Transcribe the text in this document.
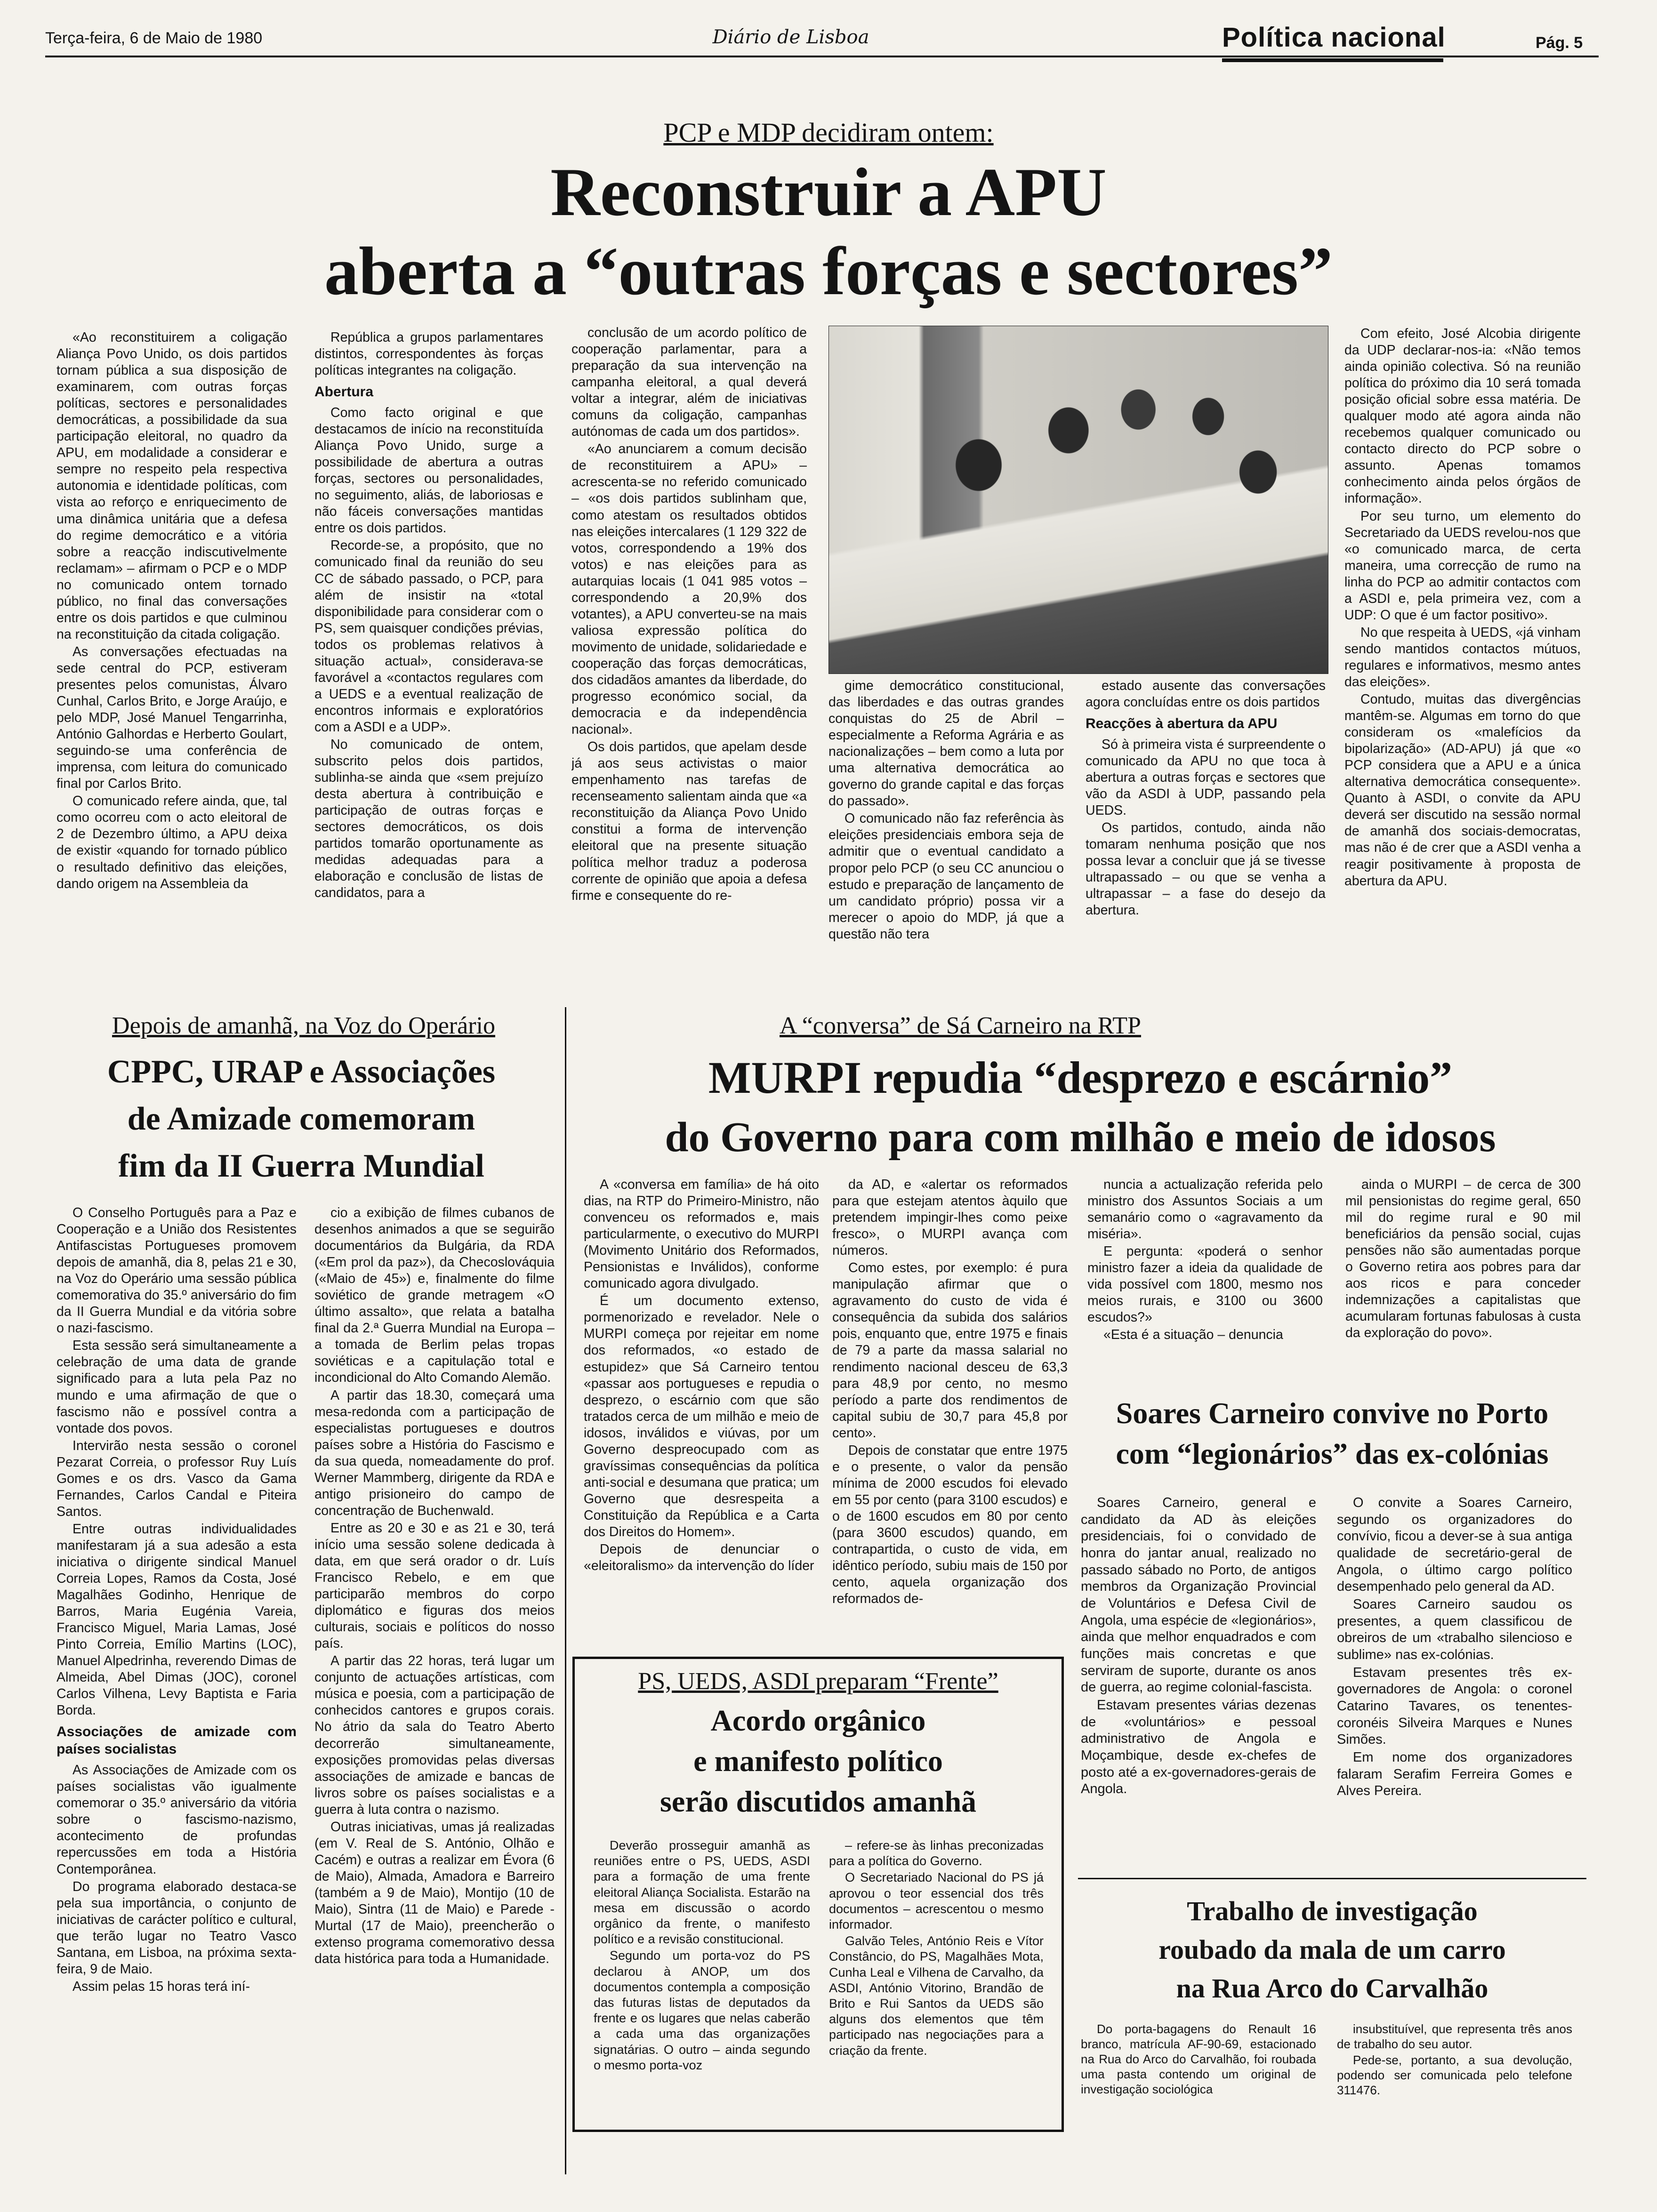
Terça-feira, 6 de Maio de 1980	Diário de Lisboa	Política nacional	Pág. 5
PCP e MDP decidiram ontem:
Reconstruir a APU
aberta a “outras forças e sectores”

«Ao reconstituirem a coligação Aliança Povo Unido, os dois partidos tornam pública a sua disposição de examinarem, com outras forças políticas, sectores e personalidades democráticas, a possibilidade da sua participação eleitoral, no quadro da APU, em modalidade a considerar e sempre no respeito pela respectiva autonomia e identidade políticas, com vista ao reforço e enriquecimento de uma dinâmica unitária que a defesa do regime democrático e a vitória sobre a reacção indiscutivelmente reclamam» – afirmam o PCP e o MDP no comunicado ontem tornado público, no final das conversações entre os dois partidos e que culminou na reconstituição da citada coligação.

As conversações efectuadas na sede central do PCP, estiveram presentes pelos comunistas, Álvaro Cunhal, Carlos Brito, e Jorge Araújo, e pelo MDP, José Manuel Tengarrinha, António Galhordas e Herberto Goulart, seguindo-se uma conferência de imprensa, com leitura do comunicado final por Carlos Brito.

O comunicado refere ainda, que, tal como ocorreu com o acto eleitoral de 2 de Dezembro último, a APU deixa de existir «quando for tornado público o resultado definitivo das eleições, dando origem na Assembleia da

República a grupos parlamentares distintos, correspondentes às forças políticas integrantes na coligação.

Abertura

Como facto original e que destacamos de início na reconstituída Aliança Povo Unido, surge a possibilidade de abertura a outras forças, sectores ou personalidades, no seguimento, aliás, de laboriosas e não fáceis conversações mantidas entre os dois partidos.

Recorde-se, a propósito, que no comunicado final da reunião do seu CC de sábado passado, o PCP, para além de insistir na «total disponibilidade para considerar com o PS, sem quaisquer condições prévias, todos os problemas relativos à situação actual», considerava-se favorável a «contactos regulares com a UEDS e a eventual realização de encontros informais e exploratórios com a ASDI e a UDP».

No comunicado de ontem, subscrito pelos dois partidos, sublinha-se ainda que «sem prejuízo desta abertura à contribuição e participação de outras forças e sectores democráticos, os dois partidos tomarão oportunamente as medidas adequadas para a elaboração e conclusão de listas de candidatos, para a

conclusão de um acordo político de cooperação parlamentar, para a preparação da sua intervenção na campanha eleitoral, a qual deverá voltar a integrar, além de iniciativas comuns da coligação, campanhas autónomas de cada um dos partidos».

«Ao anunciarem a comum decisão de reconstituirem a APU» – acrescenta-se no referido comunicado – «os dois partidos sublinham que, como atestam os resultados obtidos nas eleições intercalares (1 129 322 de votos, correspondendo a 19% dos votos) e nas eleições para as autarquias locais (1 041 985 votos – correspondendo a 20,9% dos votantes), a APU converteu-se na mais valiosa expressão política do movimento de unidade, solidariedade e cooperação das forças democráticas, dos cidadãos amantes da liberdade, do progresso económico social, da democracia e da independência nacional».

Os dois partidos, que apelam desde já aos seus activistas o maior empenhamento nas tarefas de recenseamento salientam ainda que «a reconstituição da Aliança Povo Unido constitui a forma de intervenção eleitoral que na presente situação política melhor traduz a poderosa corrente de opinião que apoia a defesa firme e consequente do re-

gime democrático constitucional, das liberdades e das outras grandes conquistas do 25 de Abril – especialmente a Reforma Agrária e as nacionalizações – bem como a luta por uma alternativa democrática ao governo do grande capital e das forças do passado».

O comunicado não faz referência às eleições presidenciais embora seja de admitir que o eventual candidato a propor pelo PCP (o seu CC anunciou o estudo e preparação de lançamento de um candidato próprio) possa vir a merecer o apoio do MDP, já que a questão não tera

estado ausente das conversações agora concluídas entre os dois partidos

Reacções à abertura da APU

Só à primeira vista é surpreendente o comunicado da APU no que toca à abertura a outras forças e sectores que vão da ASDI à UDP, passando pela UEDS.

Os partidos, contudo, ainda não tomaram nenhuma posição que nos possa levar a concluir que já se tivesse ultrapassado – ou que se venha a ultrapassar – a fase do desejo da abertura.

Com efeito, José Alcobia dirigente da UDP declarar-nos-ia: «Não temos ainda opinião colectiva. Só na reunião política do próximo dia 10 será tomada posição oficial sobre essa matéria. De qualquer modo até agora ainda não recebemos qualquer comunicado ou contacto directo do PCP sobre o assunto. Apenas tomamos conhecimento ainda pelos órgãos de informação».

Por seu turno, um elemento do Secretariado da UEDS revelou-nos que «o comunicado marca, de certa maneira, uma correcção de rumo na linha do PCP ao admitir contactos com a ASDI e, pela primeira vez, com a UDP: O que é um factor positivo».

No que respeita à UEDS, «já vinham sendo mantidos contactos mútuos, regulares e informativos, mesmo antes das eleições».

Contudo, muitas das divergências mantêm-se. Algumas em torno do que consideram os «malefícios da bipolarização» (AD-APU) já que «o PCP considera que a APU e a única alternativa democrática consequente». Quanto à ASDI, o convite da APU deverá ser discutido na sessão normal de amanhã dos sociais-democratas, mas não é de crer que a ASDI venha a reagir positivamente à proposta de abertura da APU.

Depois de amanhã, na Voz do Operário
CPPC, URAP e Associações
de Amizade comemoram
fim da II Guerra Mundial

O Conselho Português para a Paz e Cooperação e a União dos Resistentes Antifascistas Portugueses promovem depois de amanhã, dia 8, pelas 21 e 30, na Voz do Operário uma sessão pública comemorativa do 35.º aniversário do fim da II Guerra Mundial e da vitória sobre o nazi-fascismo.

Esta sessão será simultaneamente a celebração de uma data de grande significado para a luta pela Paz no mundo e uma afirmação de que o fascismo não e possível contra a vontade dos povos.

Intervirão nesta sessão o coronel Pezarat Correia, o professor Ruy Luís Gomes e os drs. Vasco da Gama Fernandes, Carlos Candal e Piteira Santos.

Entre outras individualidades manifestaram já a sua adesão a esta iniciativa o dirigente sindical Manuel Correia Lopes, Ramos da Costa, José Magalhães Godinho, Henrique de Barros, Maria Eugénia Vareia, Francisco Miguel, Maria Lamas, José Pinto Correia, Emílio Martins (LOC), Manuel Alpedrinha, reverendo Dimas de Almeida, Abel Dimas (JOC), coronel Carlos Vilhena, Levy Baptista e Faria Borda.

Associações de amizade com países socialistas

As Associações de Amizade com os países socialistas vão igualmente comemorar o 35.º aniversário da vitória sobre o fascismo-nazismo, acontecimento de profundas repercussões em toda a História Contemporânea.

Do programa elaborado destaca-se pela sua importância, o conjunto de iniciativas de carácter político e cultural, que terão lugar no Teatro Vasco Santana, em Lisboa, na próxima sexta-feira, 9 de Maio.

Assim pelas 15 horas terá iní-

cio a exibição de filmes cubanos de desenhos animados a que se seguirão documentários da Bulgária, da RDA («Em prol da paz»), da Checoslováquia («Maio de 45») e, finalmente do filme soviético de grande metragem «O último assalto», que relata a batalha final da 2.ª Guerra Mundial na Europa – a tomada de Berlim pelas tropas soviéticas e a capitulação total e incondicional do Alto Comando Alemão.

A partir das 18.30, começará uma mesa-redonda com a participação de especialistas portugueses e doutros países sobre a História do Fascismo e da sua queda, nomeadamente do prof. Werner Mammberg, dirigente da RDA e antigo prisioneiro do campo de concentração de Buchenwald.

Entre as 20 e 30 e as 21 e 30, terá início uma sessão solene dedicada à data, em que será orador o dr. Luís Francisco Rebelo, e em que participarão membros do corpo diplomático e figuras dos meios culturais, sociais e políticos do nosso país.

A partir das 22 horas, terá lugar um conjunto de actuações artísticas, com música e poesia, com a participação de conhecidos cantores e grupos corais. No átrio da sala do Teatro Aberto decorrerão simultaneamente, exposições promovidas pelas diversas associações de amizade e bancas de livros sobre os países socialistas e a guerra à luta contra o nazismo.

Outras iniciativas, umas já realizadas (em V. Real de S. António, Olhão e Cacém) e outras a realizar em Évora (6 de Maio), Almada, Amadora e Barreiro (também a 9 de Maio), Montijo (10 de Maio), Sintra (11 de Maio) e Parede - Murtal (17 de Maio), preencherão o extenso programa comemorativo dessa data histórica para toda a Humanidade.

A “conversa” de Sá Carneiro na RTP
MURPI repudia “desprezo e escárnio”
do Governo para com milhão e meio de idosos

A «conversa em família» de há oito dias, na RTP do Primeiro-Ministro, não convenceu os reformados e, mais particularmente, o executivo do MURPI (Movimento Unitário dos Reformados, Pensionistas e Inválidos), conforme comunicado agora divulgado.

É um documento extenso, pormenorizado e revelador. Nele o MURPI começa por rejeitar em nome dos reformados, «o estado de estupidez» que Sá Carneiro tentou «passar aos portugueses e repudia o desprezo, o escárnio com que são tratados cerca de um milhão e meio de idosos, inválidos e viúvas, por um Governo despreocupado com as gravíssimas consequências da política anti-social e desumana que pratica; um Governo que desrespeita a Constituição da República e a Carta dos Direitos do Homem».

Depois de denunciar o «eleitoralismo» da intervenção do líder

da AD, e «alertar os reformados para que estejam atentos àquilo que pretendem impingir-lhes como peixe fresco», o MURPI avança com números.

Como estes, por exemplo: é pura manipulação afirmar que o agravamento do custo de vida é consequência da subida dos salários pois, enquanto que, entre 1975 e finais de 79 a parte da massa salarial no rendimento nacional desceu de 63,3 para 48,9 por cento, no mesmo período a parte dos rendimentos de capital subiu de 30,7 para 45,8 por cento».

Depois de constatar que entre 1975 e o presente, o valor da pensão mínima de 2000 escudos foi elevado em 55 por cento (para 3100 escudos) e o de 1600 escudos em 80 por cento (para 3600 escudos) quando, em contrapartida, o custo de vida, em idêntico período, subiu mais de 150 por cento, aquela organização dos reformados de-

nuncia a actualização referida pelo ministro dos Assuntos Sociais a um semanário como o «agravamento da miséria».

E pergunta: «poderá o senhor ministro fazer a ideia da qualidade de vida possível com 1800, mesmo nos meios rurais, e 3100 ou 3600 escudos?»

«Esta é a situação – denuncia

ainda o MURPI – de cerca de 300 mil pensionistas do regime geral, 650 mil do regime rural e 90 mil beneficiários da pensão social, cujas pensões não são aumentadas porque o Governo retira aos pobres para dar aos ricos e para conceder indemnizações a capitalistas que acumularam fortunas fabulosas à custa da exploração do povo».

PS, UEDS, ASDI preparam “Frente”
Acordo orgânico
e manifesto político
serão discutidos amanhã

Deverão prosseguir amanhã as reuniões entre o PS, UEDS, ASDI para a formação de uma frente eleitoral Aliança Socialista. Estarão na mesa em discussão o acordo orgânico da frente, o manifesto político e a revisão constitucional.

Segundo um porta-voz do PS declarou à ANOP, um dos documentos contempla a composição das futuras listas de deputados da frente e os lugares que nelas caberão a cada uma das organizações signatárias. O outro – ainda segundo o mesmo porta-voz

– refere-se às linhas preconizadas para a política do Governo.

O Secretariado Nacional do PS já aprovou o teor essencial dos três documentos – acrescentou o mesmo informador.

Galvão Teles, António Reis e Vítor Constâncio, do PS, Magalhães Mota, Cunha Leal e Vilhena de Carvalho, da ASDI, António Vitorino, Brandão de Brito e Rui Santos da UEDS são alguns dos elementos que têm participado nas negociações para a criação da frente.

Soares Carneiro convive no Porto
com “legionários” das ex-colónias

Soares Carneiro, general e candidato da AD às eleições presidenciais, foi o convidado de honra do jantar anual, realizado no passado sábado no Porto, de antigos membros da Organização Provincial de Voluntários e Defesa Civil de Angola, uma espécie de «legionários», ainda que melhor enquadrados e com funções mais concretas e que serviram de suporte, durante os anos de guerra, ao regime colonial-fascista.

Estavam presentes várias dezenas de «voluntários» e pessoal administrativo de Angola e Moçambique, desde ex-chefes de posto até a ex-governadores-gerais de Angola.

O convite a Soares Carneiro, segundo os organizadores do convívio, ficou a dever-se à sua antiga qualidade de secretário-geral de Angola, o último cargo político desempenhado pelo general da AD.

Soares Carneiro saudou os presentes, a quem classificou de obreiros de um «trabalho silencioso e sublime» nas ex-colónias.

Estavam presentes três ex-governadores de Angola: o coronel Catarino Tavares, os tenentes-coronéis Silveira Marques e Nunes Simões.

Em nome dos organizadores falaram Serafim Ferreira Gomes e Alves Pereira.

Trabalho de investigação
roubado da mala de um carro
na Rua Arco do Carvalhão

Do porta-bagagens do Renault 16 branco, matrícula AF-90-69, estacionado na Rua do Arco do Carvalhão, foi roubada uma pasta contendo um original de investigação sociológica

insubstituível, que representa três anos de trabalho do seu autor.

Pede-se, portanto, a sua devolução, podendo ser comunicada pelo telefone 311476.
